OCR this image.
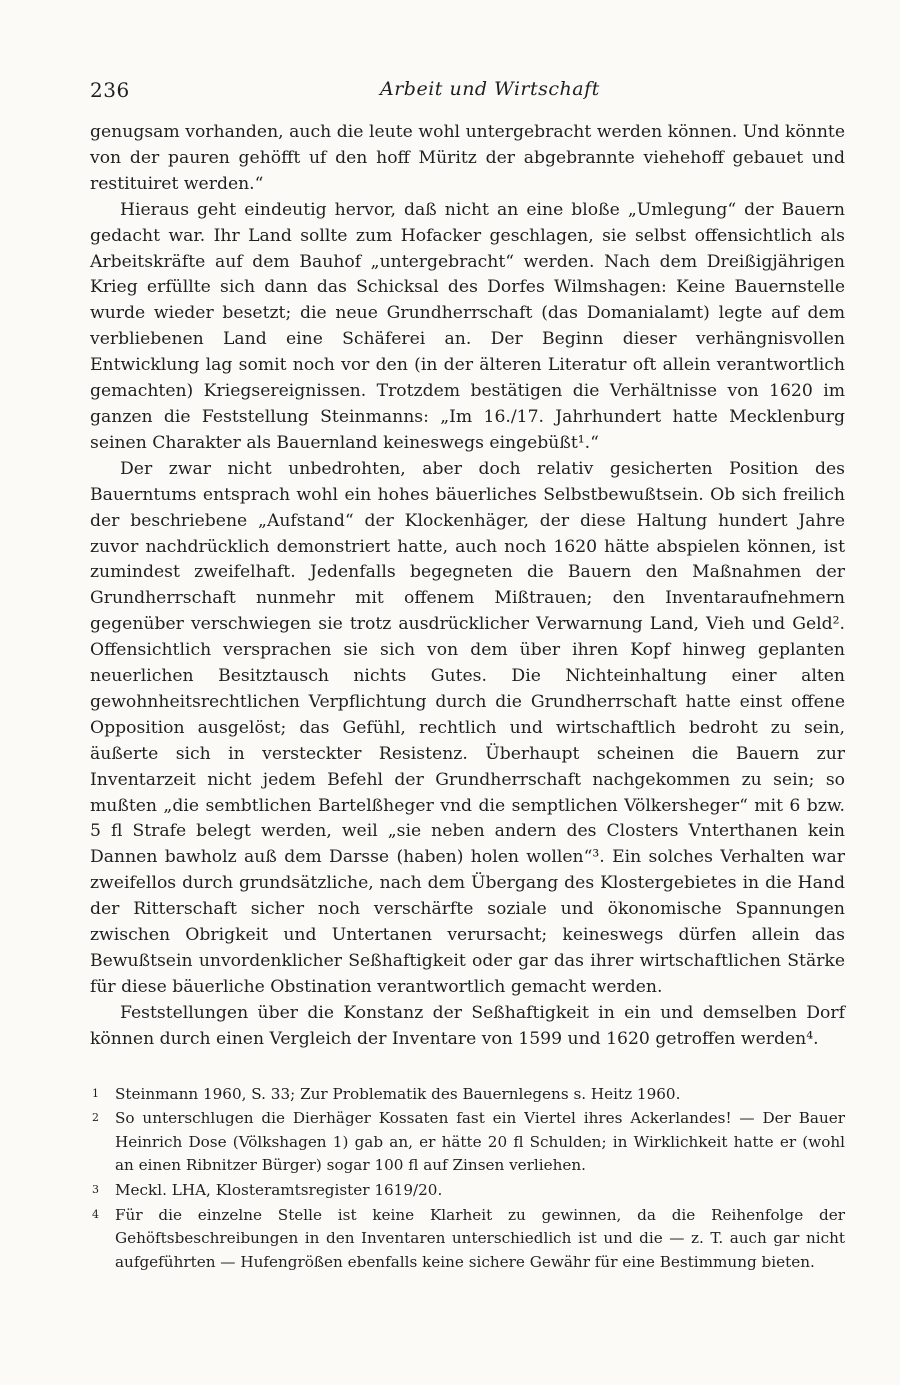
236	Arbeit und Wirtschaft

genugsam vorhanden, auch die leute wohl untergebracht werden können. Und könnte von der pauren gehöfft uf den hoff Müritz der abgebrannte viehehoff gebauet und restituiret werden.“

Hieraus geht eindeutig hervor, daß nicht an eine bloße „Umlegung“ der Bauern gedacht war. Ihr Land sollte zum Hofacker geschlagen, sie selbst offensichtlich als Arbeitskräfte auf dem Bauhof „untergebracht“ werden. Nach dem Dreißigjährigen Krieg erfüllte sich dann das Schicksal des Dorfes Wilmshagen: Keine Bauernstelle wurde wieder besetzt; die neue Grundherrschaft (das Domanialamt) legte auf dem verbliebenen Land eine Schäferei an. Der Beginn dieser verhängnisvollen Entwicklung lag somit noch vor den (in der älteren Literatur oft allein verantwortlich gemachten) Kriegsereignissen. Trotzdem bestätigen die Verhältnisse von 1620 im ganzen die Feststellung Steinmanns: „Im 16./17. Jahrhundert hatte Mecklenburg seinen Charakter als Bauernland keineswegs eingebüßt¹.“

Der zwar nicht unbedrohten, aber doch relativ gesicherten Position des Bauerntums entsprach wohl ein hohes bäuerliches Selbstbewußtsein. Ob sich freilich der beschriebene „Aufstand“ der Klockenhäger, der diese Haltung hundert Jahre zuvor nachdrücklich demonstriert hatte, auch noch 1620 hätte abspielen können, ist zumindest zweifelhaft. Jedenfalls begegneten die Bauern den Maßnahmen der Grundherrschaft nunmehr mit offenem Mißtrauen; den Inventaraufnehmern gegenüber verschwiegen sie trotz ausdrücklicher Verwarnung Land, Vieh und Geld². Offensichtlich versprachen sie sich von dem über ihren Kopf hinweg geplanten neuerlichen Besitztausch nichts Gutes. Die Nichteinhaltung einer alten gewohnheitsrechtlichen Verpflichtung durch die Grundherrschaft hatte einst offene Opposition ausgelöst; das Gefühl, rechtlich und wirtschaftlich bedroht zu sein, äußerte sich in versteckter Resistenz. Überhaupt scheinen die Bauern zur Inventarzeit nicht jedem Befehl der Grundherrschaft nachgekommen zu sein; so mußten „die sembtlichen Bartelßheger vnd die semptlichen Völkersheger“ mit 6 bzw. 5 fl Strafe belegt werden, weil „sie neben andern des Closters Vnterthanen kein Dannen bawholz auß dem Darsse (haben) holen wollen“³. Ein solches Verhalten war zweifellos durch grundsätzliche, nach dem Übergang des Klostergebietes in die Hand der Ritterschaft sicher noch verschärfte soziale und ökonomische Spannungen zwischen Obrigkeit und Untertanen verursacht; keineswegs dürfen allein das Bewußtsein unvordenklicher Seßhaftigkeit oder gar das ihrer wirtschaftlichen Stärke für diese bäuerliche Obstination verantwortlich gemacht werden.

Feststellungen über die Konstanz der Seßhaftigkeit in ein und demselben Dorf können durch einen Vergleich der Inventare von 1599 und 1620 getroffen werden⁴.

1	Steinmann 1960, S. 33; Zur Problematik des Bauernlegens s. Heitz 1960.
2	So unterschlugen die Dierhäger Kossaten fast ein Viertel ihres Ackerlandes! — Der Bauer Heinrich Dose (Völkshagen 1) gab an, er hätte 20 fl Schulden; in Wirklichkeit hatte er (wohl an einen Ribnitzer Bürger) sogar 100 fl auf Zinsen verliehen.
3	Meckl. LHA, Klosteramtsregister 1619/20.
4	Für die einzelne Stelle ist keine Klarheit zu gewinnen, da die Reihenfolge der Gehöftsbeschreibungen in den Inventaren unterschiedlich ist und die — z. T. auch gar nicht aufgeführten — Hufengrößen ebenfalls keine sichere Gewähr für eine Bestimmung bieten.
